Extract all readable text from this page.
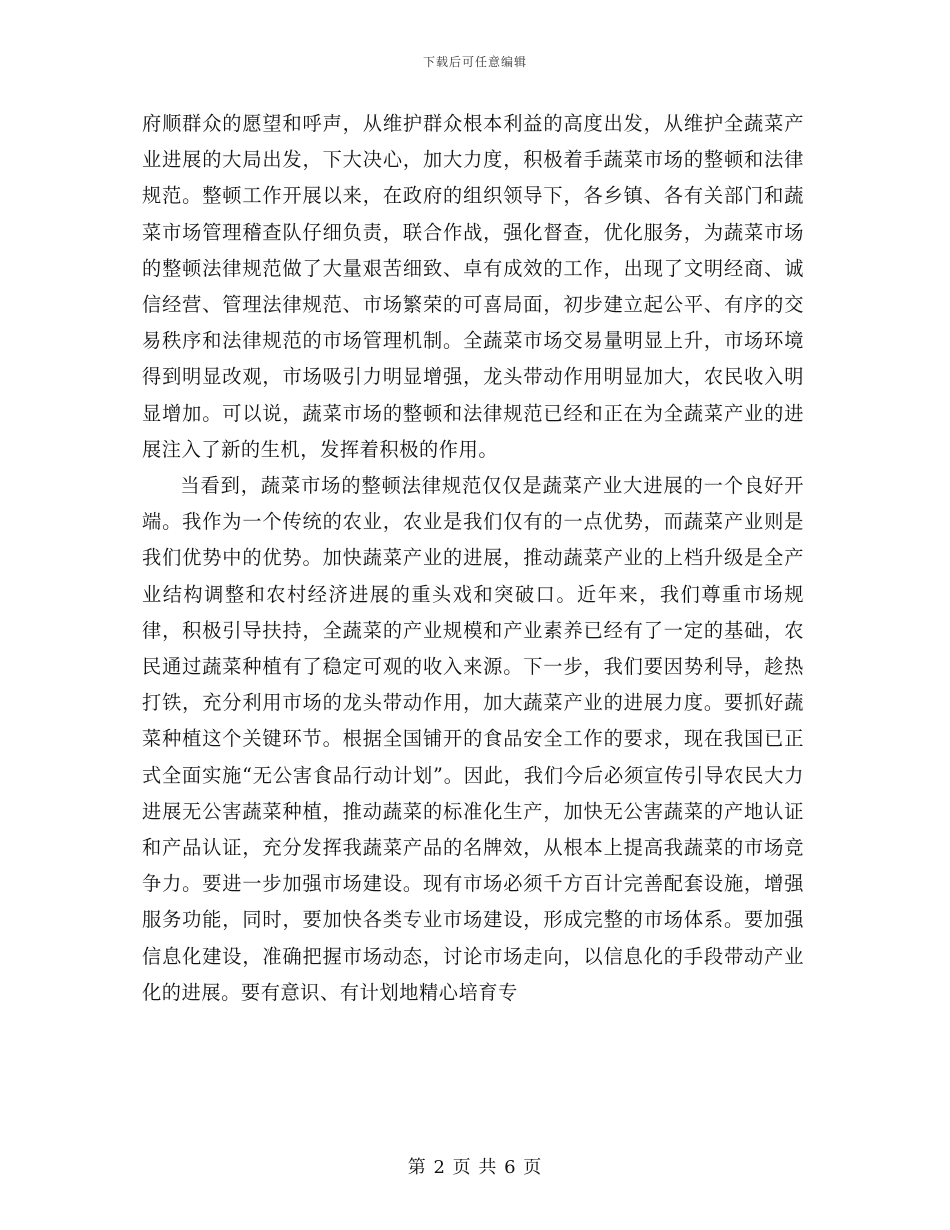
下载后可任意编辑

府顺群众的愿望和呼声，从维护群众根本利益的高度出发，从维护全蔬菜产业进展的大局出发，下大决心，加大力度，积极着手蔬菜市场的整顿和法律规范。整顿工作开展以来，在政府的组织领导下，各乡镇、各有关部门和蔬菜市场管理稽查队仔细负责，联合作战，强化督查，优化服务，为蔬菜市场的整顿法律规范做了大量艰苦细致、卓有成效的工作，出现了文明经商、诚信经营、管理法律规范、市场繁荣的可喜局面，初步建立起公平、有序的交易秩序和法律规范的市场管理机制。全蔬菜市场交易量明显上升，市场环境得到明显改观，市场吸引力明显增强，龙头带动作用明显加大，农民收入明显增加。可以说，蔬菜市场的整顿和法律规范已经和正在为全蔬菜产业的进展注入了新的生机，发挥着积极的作用。

当看到，蔬菜市场的整顿法律规范仅仅是蔬菜产业大进展的一个良好开端。我作为一个传统的农业，农业是我们仅有的一点优势，而蔬菜产业则是我们优势中的优势。加快蔬菜产业的进展，推动蔬菜产业的上档升级是全产业结构调整和农村经济进展的重头戏和突破口。近年来，我们尊重市场规律，积极引导扶持，全蔬菜的产业规模和产业素养已经有了一定的基础，农民通过蔬菜种植有了稳定可观的收入来源。下一步，我们要因势利导，趁热打铁，充分利用市场的龙头带动作用，加大蔬菜产业的进展力度。要抓好蔬菜种植这个关键环节。根据全国铺开的食品安全工作的要求，现在我国已正式全面实施“无公害食品行动计划”。因此，我们今后必须宣传引导农民大力进展无公害蔬菜种植，推动蔬菜的标准化生产，加快无公害蔬菜的产地认证和产品认证，充分发挥我蔬菜产品的名牌效，从根本上提高我蔬菜的市场竞争力。要进一步加强市场建设。现有市场必须千方百计完善配套设施，增强服务功能，同时，要加快各类专业市场建设，形成完整的市场体系。要加强信息化建设，准确把握市场动态，讨论市场走向，以信息化的手段带动产业化的进展。要有意识、有计划地精心培育专

第 2 页 共 6 页
